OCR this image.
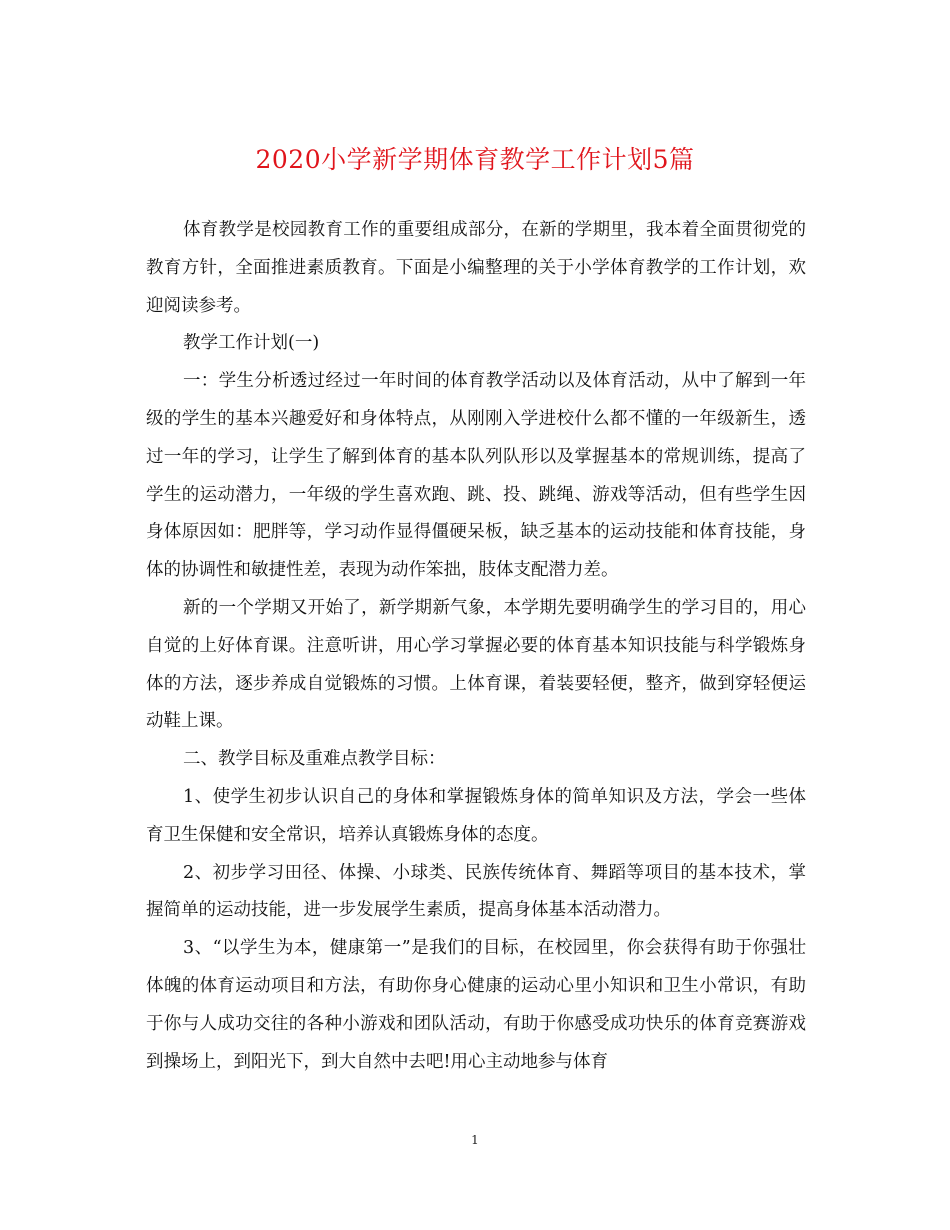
2020小学新学期体育教学工作计划5篇

体育教学是校园教育工作的重要组成部分，在新的学期里，我本着全面贯彻党的教育方针，全面推进素质教育。下面是小编整理的关于小学体育教学的工作计划，欢迎阅读参考。

教学工作计划(一)

一：学生分析透过经过一年时间的体育教学活动以及体育活动，从中了解到一年级的学生的基本兴趣爱好和身体特点，从刚刚入学进校什么都不懂的一年级新生，透过一年的学习，让学生了解到体育的基本队列队形以及掌握基本的常规训练，提高了学生的运动潜力，一年级的学生喜欢跑、跳、投、跳绳、游戏等活动，但有些学生因身体原因如：肥胖等，学习动作显得僵硬呆板，缺乏基本的运动技能和体育技能，身体的协调性和敏捷性差，表现为动作笨拙，肢体支配潜力差。

新的一个学期又开始了，新学期新气象，本学期先要明确学生的学习目的，用心自觉的上好体育课。注意听讲，用心学习掌握必要的体育基本知识技能与科学锻炼身体的方法，逐步养成自觉锻炼的习惯。上体育课，着装要轻便，整齐，做到穿轻便运动鞋上课。

二、教学目标及重难点教学目标：

1、使学生初步认识自己的身体和掌握锻炼身体的简单知识及方法，学会一些体育卫生保健和安全常识，培养认真锻炼身体的态度。

2、初步学习田径、体操、小球类、民族传统体育、舞蹈等项目的基本技术，掌握简单的运动技能，进一步发展学生素质，提高身体基本活动潜力。

3、“以学生为本，健康第一”是我们的目标，在校园里，你会获得有助于你强壮体魄的体育运动项目和方法，有助你身心健康的运动心里小知识和卫生小常识，有助于你与人成功交往的各种小游戏和团队活动，有助于你感受成功快乐的体育竞赛游戏到操场上，到阳光下，到大自然中去吧!用心主动地参与体育

1
